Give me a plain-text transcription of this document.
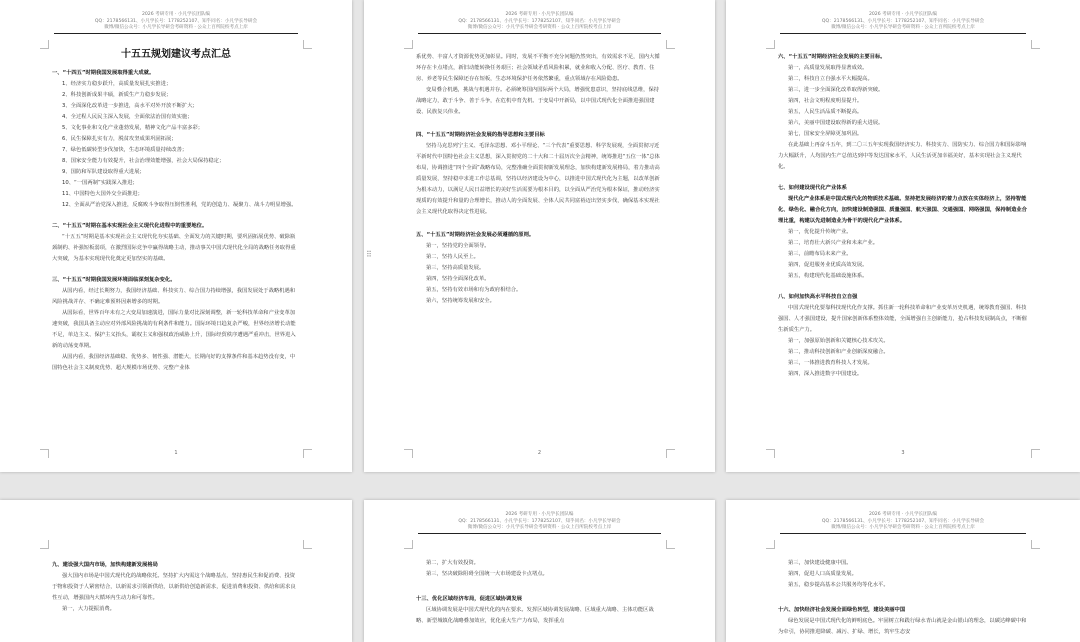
2026 考研专用 · 小凡学长团队编
QQ：2178566131、小凡学长号：1778252107、知乎同名：小凡学长导研会
微博/微信公众号：小凡学长导研会考研资料 · 公众上百所院校考点上岸
十五五规划建议考点汇总
一、“十四五”时期我国发展取得重大成就。
1、经济实力稳步跃升，高质量发展扎实推进；
2、科技创新成果丰硕，新质生产力稳步发展；
3、全面深化改革进一步推进，高水平对外开放不断扩大；
4、全过程人民民主深入发展，全面依法治国有效实施；
5、文化事业和文化产业蓬勃发展，精神文化产品丰富多彩；
6、民生保障扎实有力，脱贫攻坚成果巩固拓展；
7、绿色低碳转型步伐加快，生态环境质量持续改善；
8、国家安全能力有效提升，社会治理效能增强，社会大局保持稳定；
9、国防和军队建设取得重大进展；
10、“一国两制”实践深入推进；
11、中国特色大国外交全面推进；
12、全面从严治党深入推进，反腐败斗争取得压倒性胜利，党的创造力、凝聚力、战斗力明显增强。
二、“十五五”时期在基本实现社会主义现代化进程中的重要地位。
“十五五”时期是基本实现社会主义现代化夯实基础、全面发力的关键时期，要巩固拓展优势、破除瓶颈制约、补强短板弱项，在激烈国际竞争中赢得战略主动，推动事关中国式现代化全局的战略任务取得重大突破，为基本实现现代化奠定更加坚实的基础。
三、“十五五”时期我国发展环境面临深刻复杂变化。
从国内看，经过长期努力，我国经济基础、科技实力、综合国力持续增强，我国发展处于战略机遇和风险挑战并存、不确定难预料因素增多的时期。
从国际看，世界百年未有之大变局加速演进，国际力量对比深刻调整，新一轮科技革命和产业变革加速突破，我国具备主动应对外部风险挑战的有利条件和能力。国际环境日趋复杂严峻，世界经济增长动能不足，单边主义、保护主义抬头，霸权主义和强权政治威胁上升，国际经贸秩序遭遇严重冲击，世界进入新的动荡变革期。
从国内看，我国经济基础稳、优势多、韧性强、潜能大，长期向好的支撑条件和基本趋势没有变，中国特色社会主义制度优势、超大规模市场优势、完整产业体
1
2026 考研专用 · 小凡学长团队编
QQ：2178566131、小凡学长号：1778252107、知乎同名：小凡学长导研会
微博/微信公众号：小凡学长导研会考研资料 · 公众上百所院校考点上岸
系优势、丰富人才资源优势更加彰显。同时，发展不平衡不充分问题仍然突出，有效需求不足，国内大循环存在卡点堵点，新旧动能转换任务艰巨；社会领域矛盾风险积累，就业和收入分配、医疗、教育、住房、养老等民生保障还存在短板，生态环境保护任务依然繁重，重点领域存在风险隐患。
变局叠合机遇，挑战与机遇并存。必须统筹国内国际两个大局，增强忧患意识，坚持底线思维，保持战略定力，敢于斗争、善于斗争，在危机中育先机、于变局中开新局，以中国式现代化全面推进强国建设、民族复兴伟业。
四、“十五五”时期经济社会发展的指导思想和主要目标
坚持马克思列宁主义、毛泽东思想、邓小平理论、“三个代表”重要思想、科学发展观，全面贯彻习近平新时代中国特色社会主义思想，深入贯彻党的二十大和二十届历次全会精神，统筹推进“五位一体”总体布局，协调推进“四个全面”战略布局，完整准确全面贯彻新发展理念，加快构建新发展格局，着力推动高质量发展，坚持稳中求进工作总基调，坚持以经济建设为中心，以推进中国式现代化为主题，以改革创新为根本动力，以满足人民日益增长的美好生活需要为根本目的，以全面从严治党为根本保证，推动经济实现质的有效提升和量的合理增长，推动人的全面发展、全体人民共同富裕迈出坚实步伐，确保基本实现社会主义现代化取得决定性进展。
五、“十五五”时期经济社会发展必须遵循的原则。
第一，坚持党的全面领导。
第二，坚持人民至上。
第三，坚持高质量发展。
第四，坚持全面深化改革。
第五，坚持有效市场和有为政府相结合。
第六，坚持统筹发展和安全。
2
⠿
2026 考研专用 · 小凡学长团队编
QQ：2178566131、小凡学长号：1778252107、知乎同名：小凡学长导研会
微博/微信公众号：小凡学长导研会考研资料 · 公众上百所院校考点上岸
六、“十五五”时期经济社会发展的主要目标。
第一，高质量发展取得显著成效。
第二，科技自立自强水平大幅提高。
第三，进一步全面深化改革取得新突破。
第四，社会文明程度明显提升。
第五，人民生活品质不断提高。
第六，美丽中国建设取得新的重大进展。
第七，国家安全屏障更加巩固。
在此基础上再奋斗五年，到二〇三五年实现我国经济实力、科技实力、国防实力、综合国力和国际影响力大幅跃升，人均国内生产总值达到中等发达国家水平，人民生活更加幸福美好，基本实现社会主义现代化。
七、如何建设现代化产业体系
现代化产业体系是中国式现代化的物质技术基础。坚持把发展经济的着力点放在实体经济上，坚持智能化、绿色化、融合化方向，加快建设制造强国、质量强国、航天强国、交通强国、网络强国，保持制造业合理比重，构建以先进制造业为骨干的现代化产业体系。
第一，优化提升传统产业。
第二，培育壮大新兴产业和未来产业。
第三，前瞻布局未来产业。
第四，促进服务业优质高效发展。
第五，构建现代化基础设施体系。
八、如何加快高水平科技自立自强
中国式现代化要靠科技现代化作支撑。抓住新一轮科技革命和产业变革历史机遇，统筹教育强国、科技强国、人才强国建设，提升国家创新体系整体效能，全面增强自主创新能力，抢占科技发展制高点，不断催生新质生产力。
第一，加强原始创新和关键核心技术攻关。
第二，推动科技创新和产业创新深度融合。
第三，一体推进教育科技人才发展。
第四，深入推进数字中国建设。
3
九、建设强大国内市场，加快构建新发展格局
强大国内市场是中国式现代化的战略依托。坚持扩大内需这个战略基点，坚持惠民生和促消费、投资于物和投资于人紧密结合，以新需求引领新供给，以新供给创造新需求，促进消费和投资、供给和需求良性互动，增强国内大循环内生动力和可靠性。
第一，大力提振消费。
2026 考研专用 · 小凡学长团队编
QQ：2178566131、小凡学长号：1778252107、知乎同名：小凡学长导研会
微博/微信公众号：小凡学长导研会考研资料 · 公众上百所院校考点上岸
第二，扩大有效投资。
第三，坚决破除阻碍全国统一大市场建设卡点堵点。
十三、优化区域经济布局，促进区域协调发展
区域协调发展是中国式现代化的内在要求。发挥区域协调发展战略、区域重大战略、主体功能区战略、新型城镇化战略叠加效应，优化重大生产力布局，发挥重点
2026 考研专用 · 小凡学长团队编
QQ：2178566131、小凡学长号：1778252107、知乎同名：小凡学长导研会
微博/微信公众号：小凡学长导研会考研资料 · 公众上百所院校考点上岸
第三，加快建设健康中国。
第四，促进人口高质量发展。
第五，稳步提高基本公共服务均等化水平。
十六、加快经济社会发展全面绿色转型，建设美丽中国
绿色发展是中国式现代化的鲜明底色。牢固树立和践行绿水青山就是金山银山的理念，以碳达峰碳中和为牵引，协同推进降碳、减污、扩绿、增长，筑牢生态安
